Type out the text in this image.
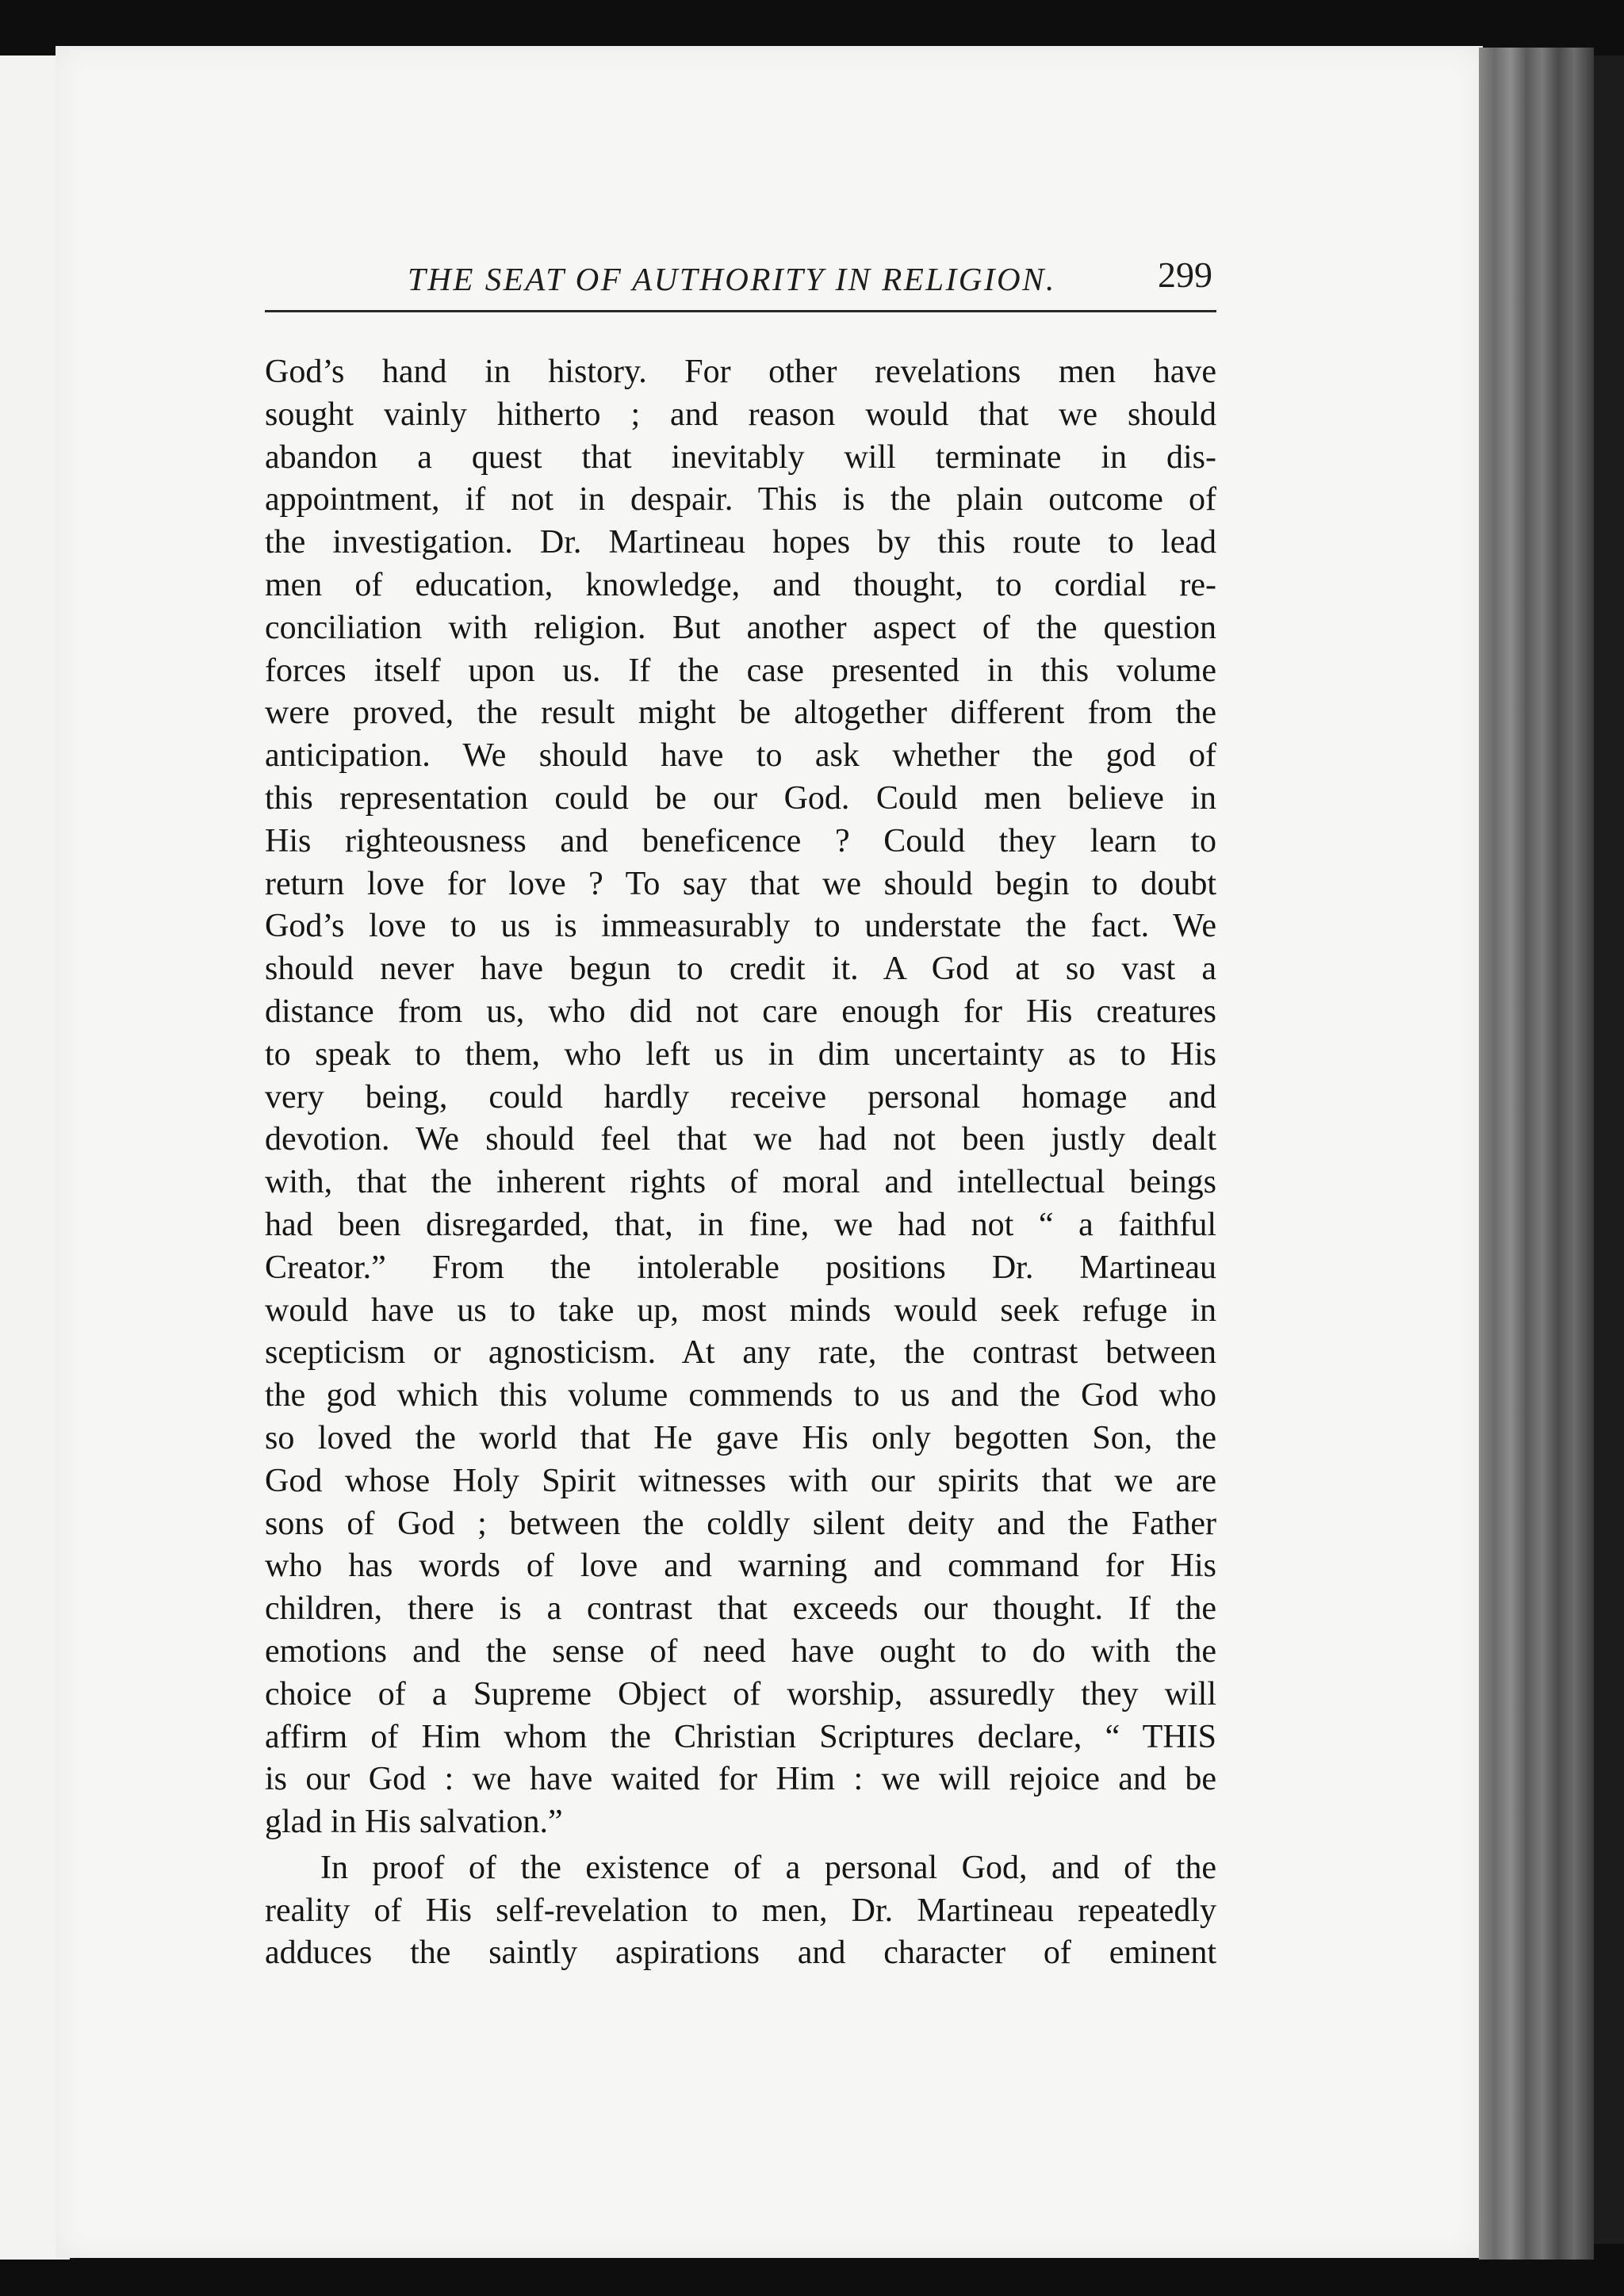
THE SEAT OF AUTHORITY IN RELIGION.	299
God’s hand in history. For other revelations men have
sought vainly hitherto ; and reason would that we should
abandon a quest that inevitably will terminate in dis-
appointment, if not in despair. This is the plain outcome of
the investigation. Dr. Martineau hopes by this route to lead
men of education, knowledge, and thought, to cordial re-
conciliation with religion. But another aspect of the question
forces itself upon us. If the case presented in this volume
were proved, the result might be altogether different from the
anticipation. We should have to ask whether the god of
this representation could be our God. Could men believe in
His righteousness and beneficence ? Could they learn to
return love for love ? To say that we should begin to doubt
God’s love to us is immeasurably to understate the fact. We
should never have begun to credit it. A God at so vast a
distance from us, who did not care enough for His creatures
to speak to them, who left us in dim uncertainty as to His
very being, could hardly receive personal homage and
devotion. We should feel that we had not been justly dealt
with, that the inherent rights of moral and intellectual beings
had been disregarded, that, in fine, we had not “ a faithful
Creator.” From the intolerable positions Dr. Martineau
would have us to take up, most minds would seek refuge in
scepticism or agnosticism. At any rate, the contrast between
the god which this volume commends to us and the God who
so loved the world that He gave His only begotten Son, the
God whose Holy Spirit witnesses with our spirits that we are
sons of God ; between the coldly silent deity and the Father
who has words of love and warning and command for His
children, there is a contrast that exceeds our thought. If the
emotions and the sense of need have ought to do with the
choice of a Supreme Object of worship, assuredly they will
affirm of Him whom the Christian Scriptures declare, “ THIS
is our God : we have waited for Him : we will rejoice and be
glad in His salvation.”
In proof of the existence of a personal God, and of the
reality of His self-revelation to men, Dr. Martineau repeatedly
adduces the saintly aspirations and character of eminent
